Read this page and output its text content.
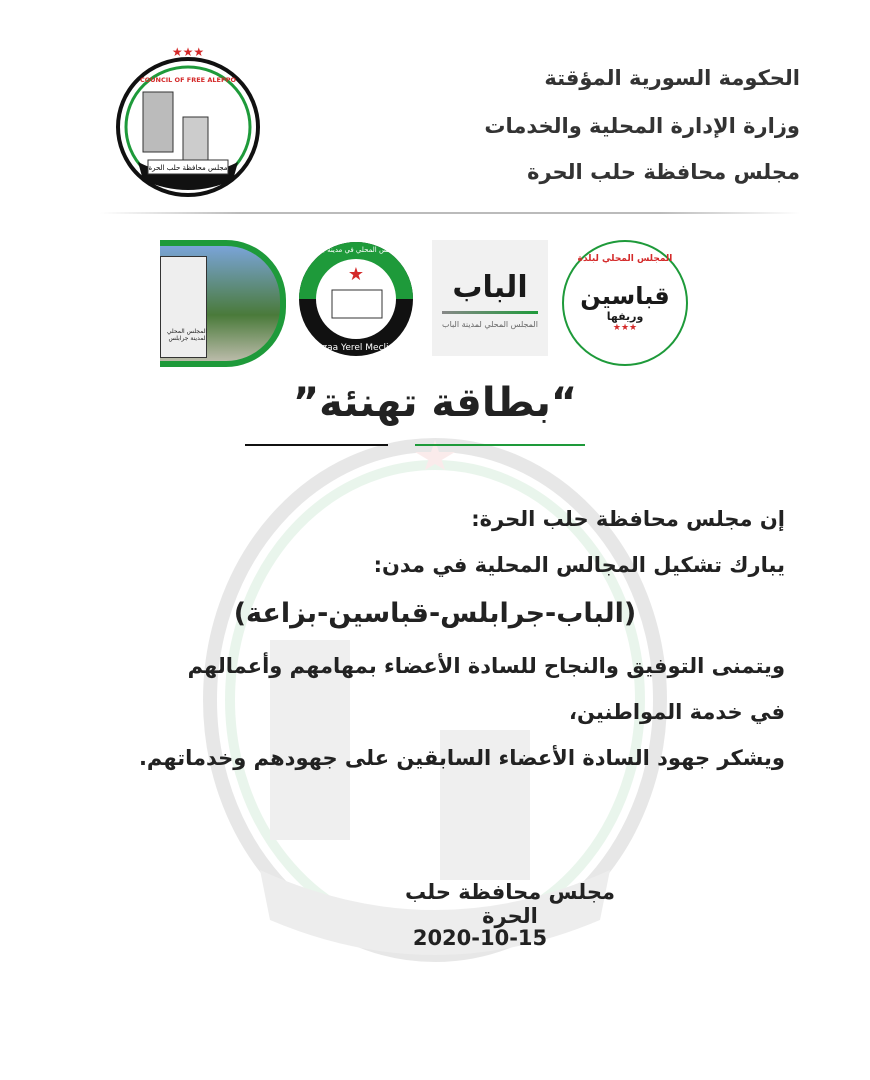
★★★
COUNCIL OF FREE ALEPPO
مجلس محافظة حلب الحرة
الحكومة السورية المؤقتة
وزارة الإدارة المحلية والخدمات
مجلس محافظة حلب الحرة
المجلس المحلي لمدينة جرابلس
★
المجلس المحلي في مدينة بزاعة
Bzaa Yerel Meclisi
الباب
المجلس المحلي لمدينة الباب
المجلس المحلي لبلدة
قباسين
وريفها
★★★
“بطاقة تهنئة”
إن مجلس محافظة حلب الحرة:
يبارك تشكيل المجالس المحلية في مدن:
(الباب-جرابلس-قباسين-بزاعة)
ويتمنى التوفيق والنجاح للسادة الأعضاء بمهامهم وأعمالهم
في خدمة المواطنين،
ويشكر جهود السادة الأعضاء السابقين على جهودهم وخدماتهم.
مجلس محافظة حلب الحرة
2020-10-15
